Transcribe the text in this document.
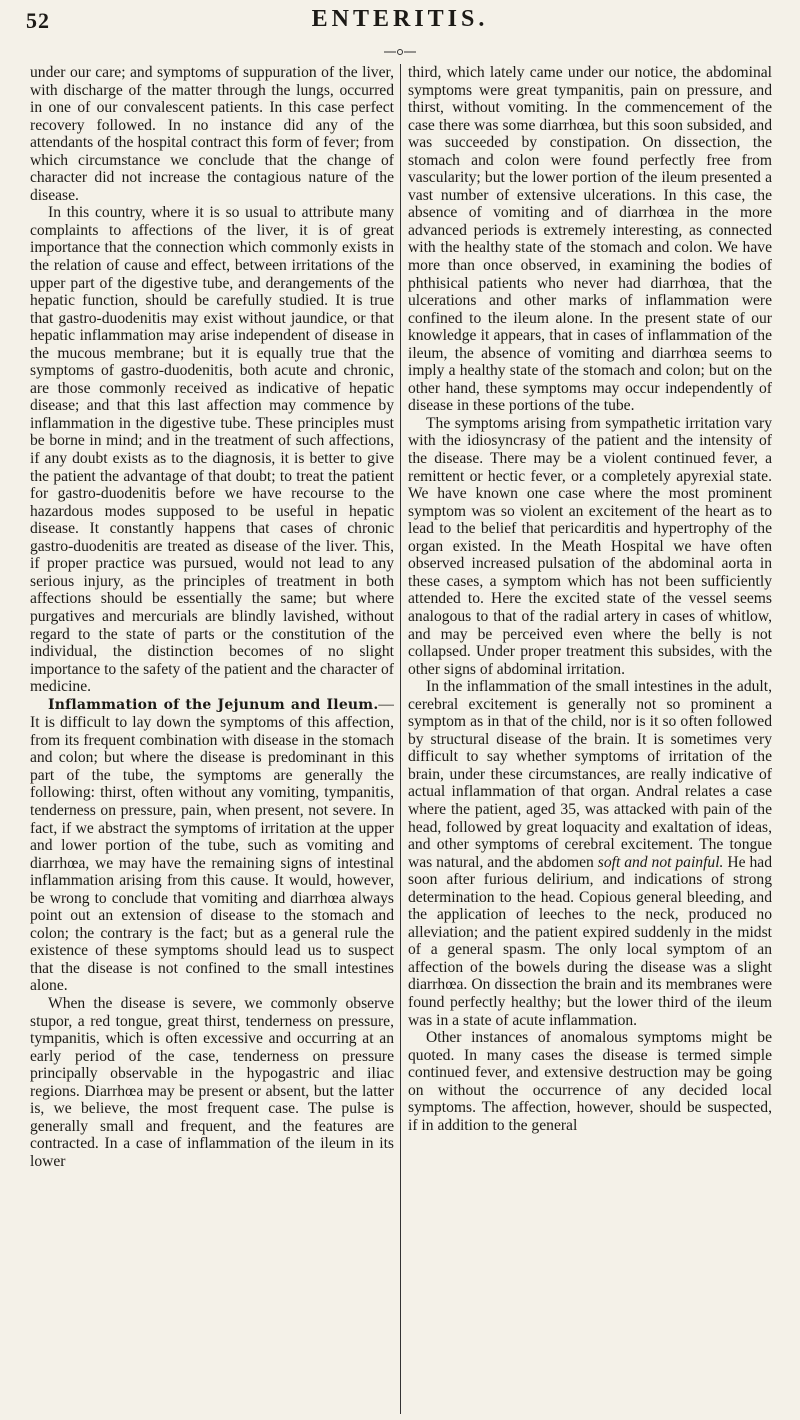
52	ENTERITIS.

under our care; and symptoms of suppuration of the liver, with discharge of the matter through the lungs, occurred in one of our convalescent patients. In this case perfect recovery followed. In no instance did any of the attendants of the hospital contract this form of fever; from which circumstance we conclude that the change of character did not increase the contagious nature of the disease.

In this country, where it is so usual to attribute many complaints to affections of the liver, it is of great importance that the connection which commonly exists in the relation of cause and effect, between irritations of the upper part of the digestive tube, and derangements of the hepatic function, should be carefully studied. It is true that gastro-duodenitis may exist without jaundice, or that hepatic inflammation may arise independent of disease in the mucous membrane; but it is equally true that the symptoms of gastro-duodenitis, both acute and chronic, are those commonly received as indicative of hepatic disease; and that this last affection may commence by inflammation in the digestive tube. These principles must be borne in mind; and in the treatment of such affections, if any doubt exists as to the diagnosis, it is better to give the patient the advantage of that doubt; to treat the patient for gastro-duodenitis before we have recourse to the hazardous modes supposed to be useful in hepatic disease. It constantly happens that cases of chronic gastro-duodenitis are treated as disease of the liver. This, if proper practice was pursued, would not lead to any serious injury, as the principles of treatment in both affections should be essentially the same; but where purgatives and mercurials are blindly lavished, without regard to the state of parts or the constitution of the individual, the distinction becomes of no slight importance to the safety of the patient and the character of medicine.

Inflammation of the Jejunum and Ileum.—It is difficult to lay down the symptoms of this affection, from its frequent combination with disease in the stomach and colon; but where the disease is predominant in this part of the tube, the symptoms are generally the following: thirst, often without any vomiting, tympanitis, tenderness on pressure, pain, when present, not severe. In fact, if we abstract the symptoms of irritation at the upper and lower portion of the tube, such as vomiting and diarrhœa, we may have the remaining signs of intestinal inflammation arising from this cause. It would, however, be wrong to conclude that vomiting and diarrhœa always point out an extension of disease to the stomach and colon; the contrary is the fact; but as a general rule the existence of these symptoms should lead us to suspect that the disease is not confined to the small intestines alone.

When the disease is severe, we commonly observe stupor, a red tongue, great thirst, tenderness on pressure, tympanitis, which is often excessive and occurring at an early period of the case, tenderness on pressure principally observable in the hypogastric and iliac regions. Diarrhœa may be present or absent, but the latter is, we believe, the most frequent case. The pulse is generally small and frequent, and the features are contracted. In a case of inflammation of the ileum in its lower

third, which lately came under our notice, the abdominal symptoms were great tympanitis, pain on pressure, and thirst, without vomiting. In the commencement of the case there was some diarrhœa, but this soon subsided, and was succeeded by constipation. On dissection, the stomach and colon were found perfectly free from vascularity; but the lower portion of the ileum presented a vast number of extensive ulcerations. In this case, the absence of vomiting and of diarrhœa in the more advanced periods is extremely interesting, as connected with the healthy state of the stomach and colon. We have more than once observed, in examining the bodies of phthisical patients who never had diarrhœa, that the ulcerations and other marks of inflammation were confined to the ileum alone. In the present state of our knowledge it appears, that in cases of inflammation of the ileum, the absence of vomiting and diarrhœa seems to imply a healthy state of the stomach and colon; but on the other hand, these symptoms may occur independently of disease in these portions of the tube.

The symptoms arising from sympathetic irritation vary with the idiosyncrasy of the patient and the intensity of the disease. There may be a violent continued fever, a remittent or hectic fever, or a completely apyrexial state. We have known one case where the most prominent symptom was so violent an excitement of the heart as to lead to the belief that pericarditis and hypertrophy of the organ existed. In the Meath Hospital we have often observed increased pulsation of the abdominal aorta in these cases, a symptom which has not been sufficiently attended to. Here the excited state of the vessel seems analogous to that of the radial artery in cases of whitlow, and may be perceived even where the belly is not collapsed. Under proper treatment this subsides, with the other signs of abdominal irritation.

In the inflammation of the small intestines in the adult, cerebral excitement is generally not so prominent a symptom as in that of the child, nor is it so often followed by structural disease of the brain. It is sometimes very difficult to say whether symptoms of irritation of the brain, under these circumstances, are really indicative of actual inflammation of that organ. Andral relates a case where the patient, aged 35, was attacked with pain of the head, followed by great loquacity and exaltation of ideas, and other symptoms of cerebral excitement. The tongue was natural, and the abdomen soft and not painful. He had soon after furious delirium, and indications of strong determination to the head. Copious general bleeding, and the application of leeches to the neck, produced no alleviation; and the patient expired suddenly in the midst of a general spasm. The only local symptom of an affection of the bowels during the disease was a slight diarrhœa. On dissection the brain and its membranes were found perfectly healthy; but the lower third of the ileum was in a state of acute inflammation.

Other instances of anomalous symptoms might be quoted. In many cases the disease is termed simple continued fever, and extensive destruction may be going on without the occurrence of any decided local symptoms. The affection, however, should be suspected, if in addition to the general
